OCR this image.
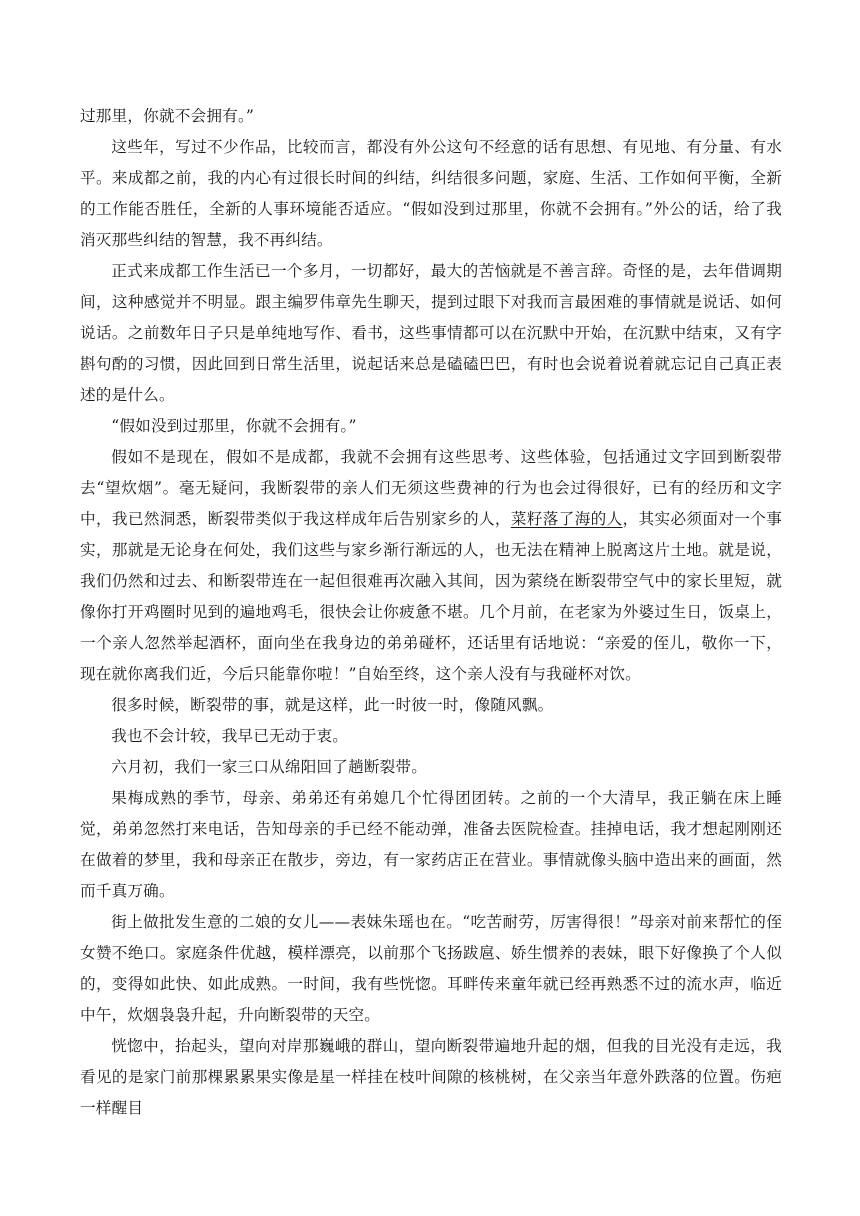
过那里，你就不会拥有。”

这些年，写过不少作品，比较而言，都没有外公这句不经意的话有思想、有见地、有分量、有水平。来成都之前，我的内心有过很长时间的纠结，纠结很多问题，家庭、生活、工作如何平衡，全新的工作能否胜任，全新的人事环境能否适应。“假如没到过那里，你就不会拥有。”外公的话，给了我消灭那些纠结的智慧，我不再纠结。

正式来成都工作生活已一个多月，一切都好，最大的苦恼就是不善言辞。奇怪的是，去年借调期间，这种感觉并不明显。跟主编罗伟章先生聊天，提到过眼下对我而言最困难的事情就是说话、如何说话。之前数年日子只是单纯地写作、看书，这些事情都可以在沉默中开始，在沉默中结束，又有字斟句酌的习惯，因此回到日常生活里，说起话来总是磕磕巴巴，有时也会说着说着就忘记自己真正表述的是什么。

“假如没到过那里，你就不会拥有。”

假如不是现在，假如不是成都，我就不会拥有这些思考、这些体验，包括通过文字回到断裂带去“望炊烟”。毫无疑问，我断裂带的亲人们无须这些费神的行为也会过得很好，已有的经历和文字中，我已然洞悉，断裂带类似于我这样成年后告别家乡的人，菜籽落了海的人，其实必须面对一个事实，那就是无论身在何处，我们这些与家乡渐行渐远的人，也无法在精神上脱离这片土地。就是说，我们仍然和过去、和断裂带连在一起但很难再次融入其间，因为萦绕在断裂带空气中的家长里短，就像你打开鸡圈时见到的遍地鸡毛，很快会让你疲惫不堪。几个月前，在老家为外婆过生日，饭桌上，一个亲人忽然举起酒杯，面向坐在我身边的弟弟碰杯，还话里有话地说：“亲爱的侄儿，敬你一下，现在就你离我们近，今后只能靠你啦！”自始至终，这个亲人没有与我碰杯对饮。

很多时候，断裂带的事，就是这样，此一时彼一时，像随风飘。

我也不会计较，我早已无动于衷。

六月初，我们一家三口从绵阳回了趟断裂带。

果梅成熟的季节，母亲、弟弟还有弟媳几个忙得团团转。之前的一个大清早，我正躺在床上睡觉，弟弟忽然打来电话，告知母亲的手已经不能动弹，准备去医院检查。挂掉电话，我才想起刚刚还在做着的梦里，我和母亲正在散步，旁边，有一家药店正在营业。事情就像头脑中造出来的画面，然而千真万确。

街上做批发生意的二娘的女儿——表妹朱瑶也在。“吃苦耐劳，厉害得很！”母亲对前来帮忙的侄女赞不绝口。家庭条件优越，模样漂亮，以前那个飞扬跋扈、娇生惯养的表妹，眼下好像换了个人似的，变得如此快、如此成熟。一时间，我有些恍惚。耳畔传来童年就已经再熟悉不过的流水声，临近中午，炊烟袅袅升起，升向断裂带的天空。

恍惚中，抬起头，望向对岸那巍峨的群山，望向断裂带遍地升起的烟，但我的目光没有走远，我看见的是家门前那棵累累果实像是星一样挂在枝叶间隙的核桃树，在父亲当年意外跌落的位置。伤疤一样醒目
